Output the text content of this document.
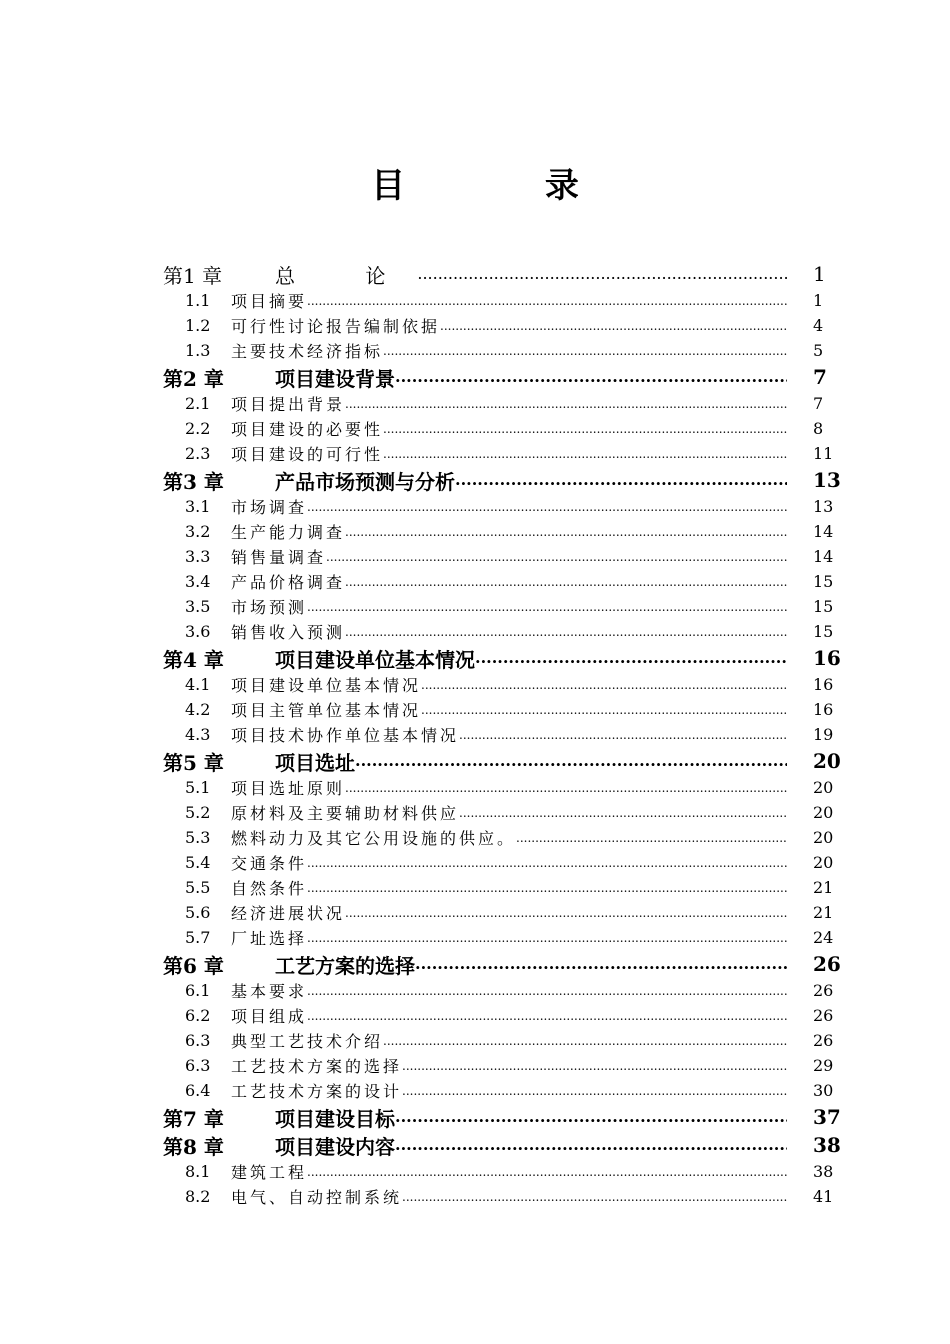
目 录
第1 章	总 论 .....	1
1.1	项目摘要 .....	1
1.2	可行性讨论报告编制依据 .....	4
1.3	主要技术经济指标 .....	5
第2 章	项目建设背景 .....	7
2.1	项目提出背景 .....	7
2.2	项目建设的必要性 .....	8
2.3	项目建设的可行性 .....	11
第3 章	产品市场预测与分析 .....	13
3.1	市场调查 .....	13
3.2	生产能力调查 .....	14
3.3	销售量调查 .....	14
3.4	产品价格调查 .....	15
3.5	市场预测 .....	15
3.6	销售收入预测 .....	15
第4 章	项目建设单位基本情况 .....	16
4.1	项目建设单位基本情况 .....	16
4.2	项目主管单位基本情况 .....	16
4.3	项目技术协作单位基本情况 .....	19
第5 章	项目选址 .....	20
5.1	项目选址原则 .....	20
5.2	原材料及主要辅助材料供应 .....	20
5.3	燃料动力及其它公用设施的供应。 .....	20
5.4	交通条件 .....	20
5.5	自然条件 .....	21
5.6	经济进展状况 .....	21
5.7	厂址选择 .....	24
第6 章	工艺方案的选择 .....	26
6.1	基本要求 .....	26
6.2	项目组成 .....	26
6.3	典型工艺技术介绍 .....	26
6.3	工艺技术方案的选择 .....	29
6.4	工艺技术方案的设计 .....	30
第7 章	项目建设目标 .....	37
第8 章	项目建设内容 .....	38
8.1	建筑工程 .....	38
8.2	电气、自动控制系统 .....	41
